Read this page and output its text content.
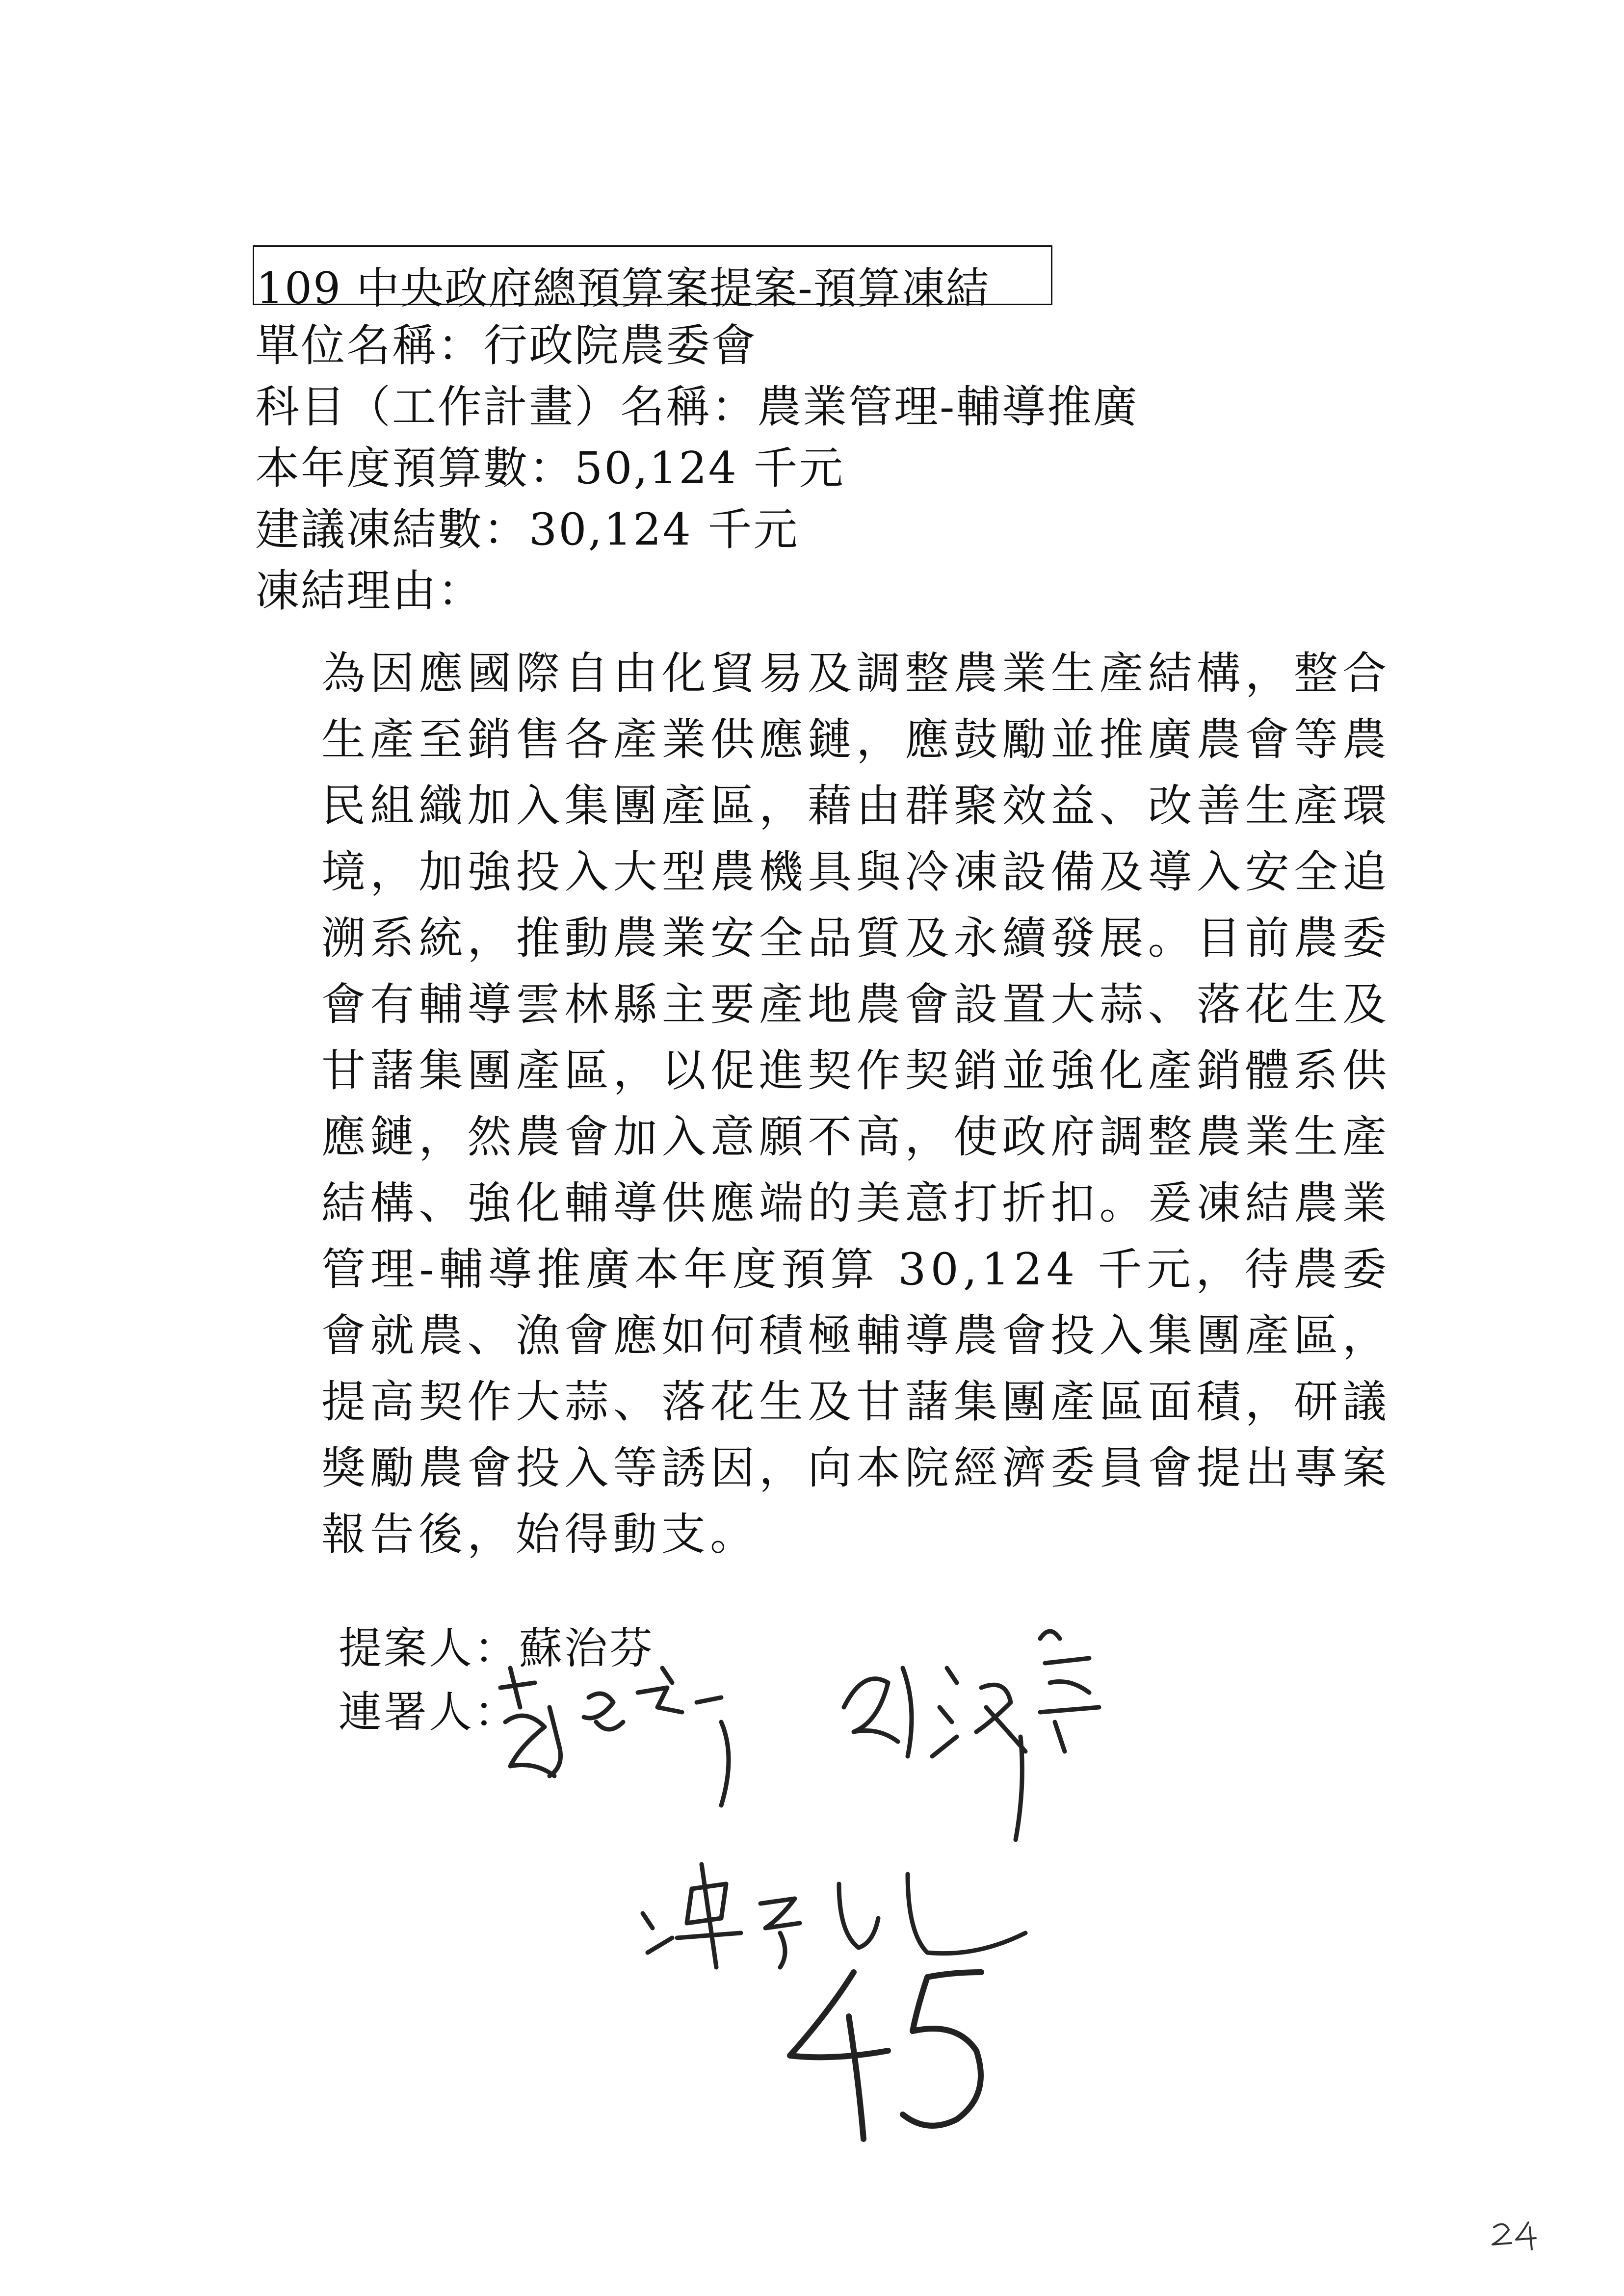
109 中央政府總預算案提案-預算凍結
單位名稱：行政院農委會
科目（工作計畫）名稱：農業管理-輔導推廣
本年度預算數：50,124 千元
建議凍結數：30,124 千元
凍結理由：
為因應國際自由化貿易及調整農業生產結構，整合生產至銷售各產業供應鏈，應鼓勵並推廣農會等農民組織加入集團產區，藉由群聚效益、改善生產環境，加強投入大型農機具與冷凍設備及導入安全追溯系統，推動農業安全品質及永續發展。目前農委會有輔導雲林縣主要產地農會設置大蒜、落花生及甘藷集團產區，以促進契作契銷並強化產銷體系供應鏈，然農會加入意願不高，使政府調整農業生產結構、強化輔導供應端的美意打折扣。爰凍結農業管理-輔導推廣本年度預算 30,124 千元，待農委會就農、漁會應如何積極輔導農會投入集團產區，提高契作大蒜、落花生及甘藷集團產區面積，研議獎勵農會投入等誘因，向本院經濟委員會提出專案報告後，始得動支。
提案人：蘇治芬
連署人：
